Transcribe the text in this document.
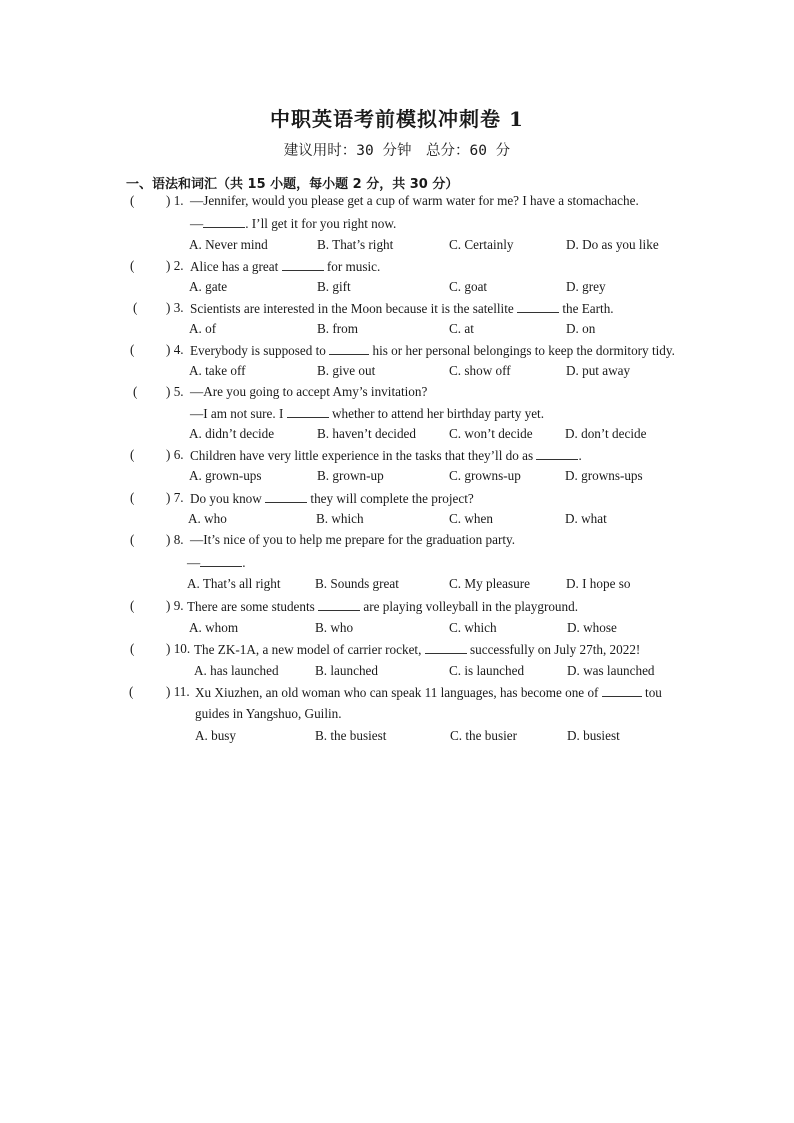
中职英语考前模拟冲刺卷 1
建议用时：30 分钟　总分：60 分
一、语法和词汇（共 15 小题，每小题 2 分，共 30 分）
( ) 1. —Jennifer, would you please get a cup of warm water for me? I have a stomachache.
—	. I’ll get it for you right now.
A. Never mind	B. That’s right	C. Certainly	D. Do as you like
( ) 2. Alice has a great	for music.
A. gate	B. gift	C. goat	D. grey
( ) 3. Scientists are interested in the Moon because it is the satellite	the Earth.
A. of	B. from	C. at	D. on
( ) 4. Everybody is supposed to	his or her personal belongings to keep the dormitory tidy.
A. take off	B. give out	C. show off	D. put away
( ) 5. —Are you going to accept Amy’s invitation?
—I am not sure. I	whether to attend her birthday party yet.
A. didn’t decide	B. haven’t decided	C. won’t decide D. don’t decide
( ) 6. Children have very little experience in the tasks that they’ll do as	.
A. grown-ups	B. grown-up	C. growns-up	D. growns-ups
( ) 7. Do you know	they will complete the project?
A. who	B. which	C. when	D. what
( ) 8. —It’s nice of you to help me prepare for the graduation party.
—	.
A. That’s all right	B. Sounds great	C. My pleasure	D. I hope so
( ) 9. There are some students	are playing volleyball in the playground.
A. whom	B. who	C. which	D. whose
( ) 10. The ZK-1A, a new model of carrier rocket,	successfully on July 27th, 2022!
A. has launched	B. launched	C. is launched	D. was launched
( ) 11. Xu Xiuzhen, an old woman who can speak 11 languages, has become one of	tou
guides in Yangshuo, Guilin.
A. busy	B. the busiest	C. the busier	D. busiest
